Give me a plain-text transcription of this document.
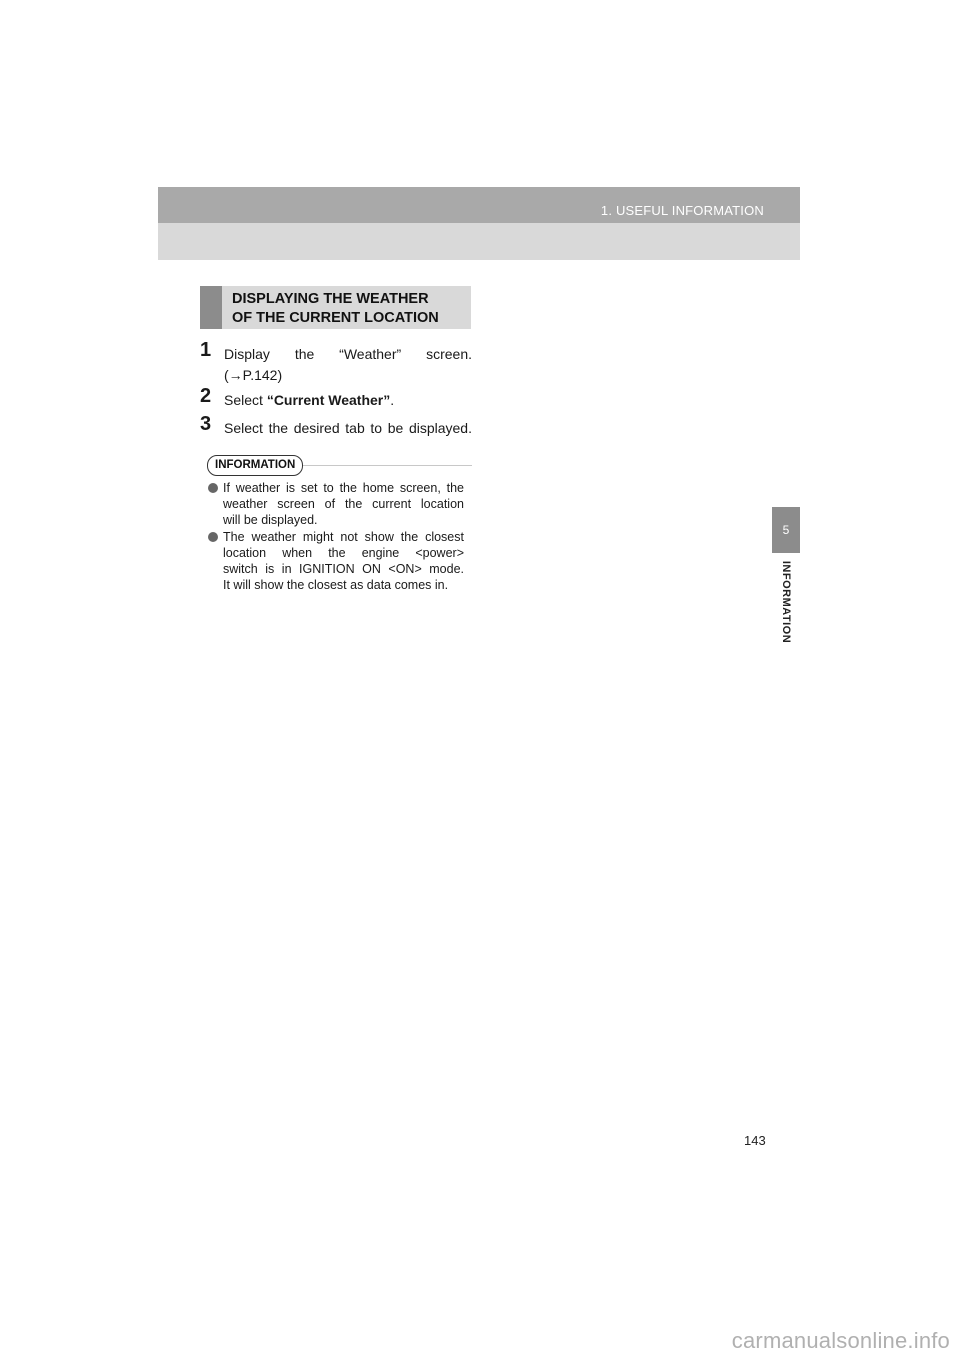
1. USEFUL INFORMATION
DISPLAYING THE WEATHER
OF THE CURRENT LOCATION
1 Display the “Weather” screen.
(→P.142)
2 Select “Current Weather”.
3 Select the desired tab to be displayed.
INFORMATION
If weather is set to the home screen, the
weather screen of the current location
will be displayed.
The weather might not show the closest
location when the engine <power>
switch is in IGNITION ON <ON> mode.
It will show the closest as data comes in.
5
INFORMATION
143
carmanualsonline.info
